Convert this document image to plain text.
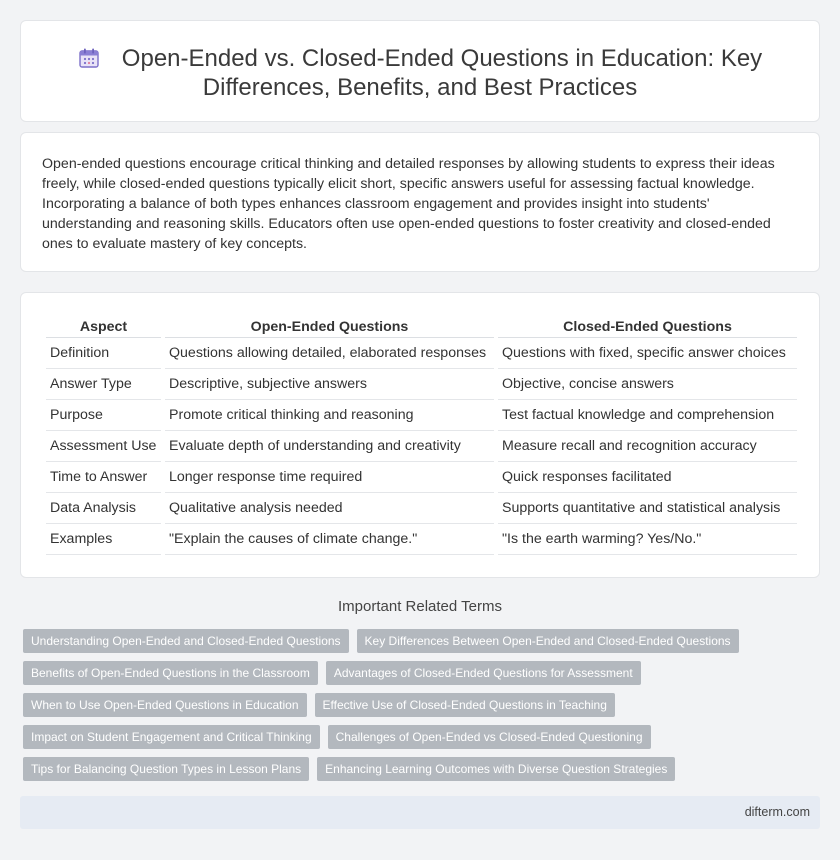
Open-Ended vs. Closed-Ended Questions in Education: Key
Differences, Benefits, and Best Practices

Open-ended questions encourage critical thinking and detailed responses by allowing students to express their ideas freely, while closed-ended questions typically elicit short, specific answers useful for assessing factual knowledge. Incorporating a balance of both types enhances classroom engagement and provides insight into students' understanding and reasoning skills. Educators often use open-ended questions to foster creativity and closed-ended ones to evaluate mastery of key concepts.

Aspect	Open-Ended Questions	Closed-Ended Questions
Definition	Questions allowing detailed, elaborated responses	Questions with fixed, specific answer choices
Answer Type	Descriptive, subjective answers	Objective, concise answers
Purpose	Promote critical thinking and reasoning	Test factual knowledge and comprehension
Assessment Use	Evaluate depth of understanding and creativity	Measure recall and recognition accuracy
Time to Answer	Longer response time required	Quick responses facilitated
Data Analysis	Qualitative analysis needed	Supports quantitative and statistical analysis
Examples	"Explain the causes of climate change."	"Is the earth warming? Yes/No."
Important Related Terms
Understanding Open-Ended and Closed-Ended Questions	Key Differences Between Open-Ended and Closed-Ended Questions
Benefits of Open-Ended Questions in the Classroom	Advantages of Closed-Ended Questions for Assessment
When to Use Open-Ended Questions in Education	Effective Use of Closed-Ended Questions in Teaching
Impact on Student Engagement and Critical Thinking	Challenges of Open-Ended vs Closed-Ended Questioning
Tips for Balancing Question Types in Lesson Plans	Enhancing Learning Outcomes with Diverse Question Strategies
difterm.com
